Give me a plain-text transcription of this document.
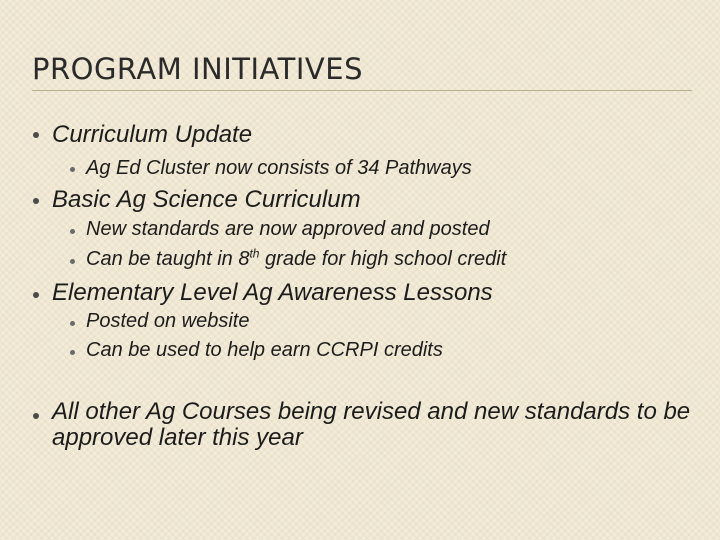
PROGRAM INITIATIVES
Curriculum Update
Ag Ed Cluster now consists of 34 Pathways
Basic Ag Science Curriculum
New standards are now approved and posted
Can be taught in 8th grade for high school credit
Elementary Level Ag Awareness Lessons
Posted on website
Can be used to help earn CCRPI credits
All other Ag Courses being revised and new standards to be approved later this year
